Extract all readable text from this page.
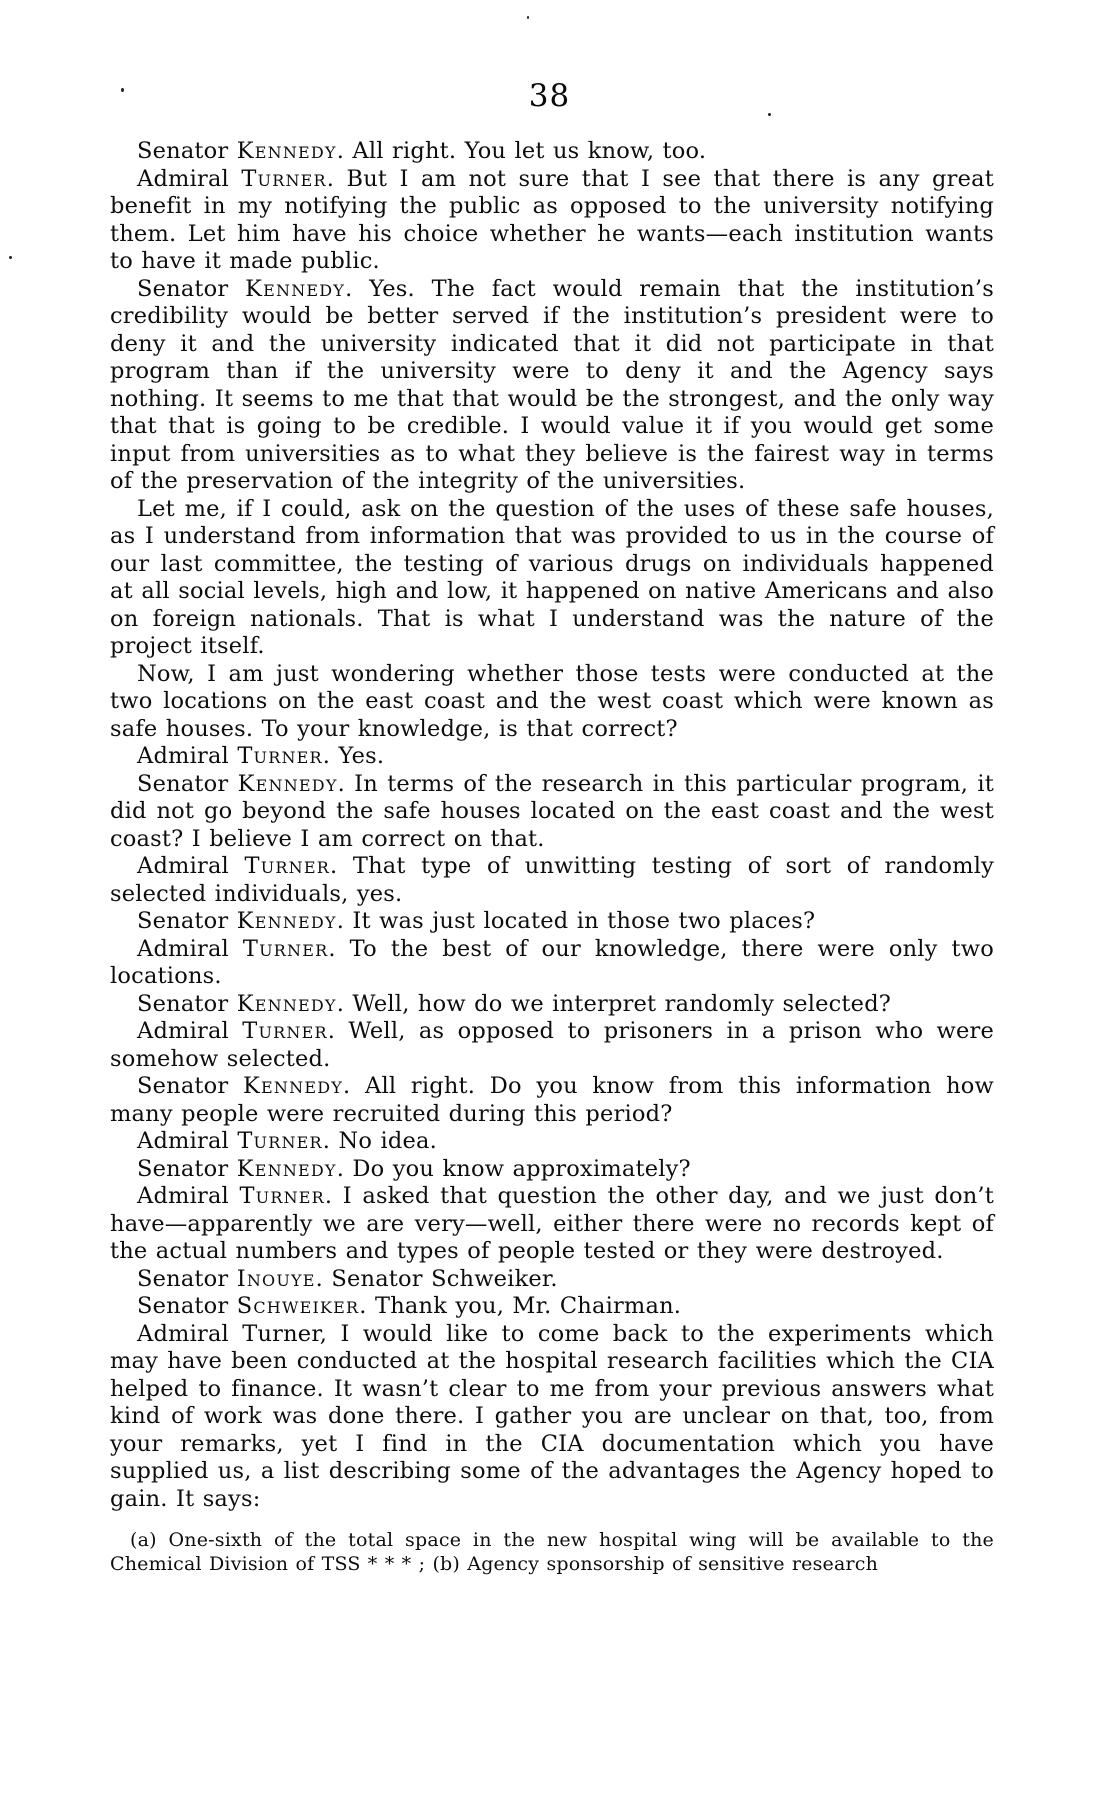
38

Senator Kennedy. All right. You let us know, too.

Admiral Turner. But I am not sure that I see that there is any great benefit in my notifying the public as opposed to the university notifying them. Let him have his choice whether he wants—each institution wants to have it made public.

Senator Kennedy. Yes. The fact would remain that the institution’s credibility would be better served if the institution’s president were to deny it and the university indicated that it did not participate in that program than if the university were to deny it and the Agency says nothing. It seems to me that that would be the strongest, and the only way that that is going to be credible. I would value it if you would get some input from universities as to what they believe is the fairest way in terms of the preservation of the integrity of the universities.

Let me, if I could, ask on the question of the uses of these safe houses, as I understand from information that was provided to us in the course of our last committee, the testing of various drugs on individuals happened at all social levels, high and low, it happened on native Americans and also on foreign nationals. That is what I understand was the nature of the project itself.

Now, I am just wondering whether those tests were conducted at the two locations on the east coast and the west coast which were known as safe houses. To your knowledge, is that correct?

Admiral Turner. Yes.

Senator Kennedy. In terms of the research in this particular program, it did not go beyond the safe houses located on the east coast and the west coast? I believe I am correct on that.

Admiral Turner. That type of unwitting testing of sort of randomly selected individuals, yes.

Senator Kennedy. It was just located in those two places?

Admiral Turner. To the best of our knowledge, there were only two locations.

Senator Kennedy. Well, how do we interpret randomly selected?

Admiral Turner. Well, as opposed to prisoners in a prison who were somehow selected.

Senator Kennedy. All right. Do you know from this information how many people were recruited during this period?

Admiral Turner. No idea.

Senator Kennedy. Do you know approximately?

Admiral Turner. I asked that question the other day, and we just don’t have—apparently we are very—well, either there were no records kept of the actual numbers and types of people tested or they were destroyed.

Senator Inouye. Senator Schweiker.

Senator Schweiker. Thank you, Mr. Chairman.

Admiral Turner, I would like to come back to the experiments which may have been conducted at the hospital research facilities which the CIA helped to finance. It wasn’t clear to me from your previous answers what kind of work was done there. I gather you are unclear on that, too, from your remarks, yet I find in the CIA documentation which you have supplied us, a list describing some of the advantages the Agency hoped to gain. It says:

(a) One-sixth of the total space in the new hospital wing will be available to the Chemical Division of TSS * * * ; (b) Agency sponsorship of sensitive research
